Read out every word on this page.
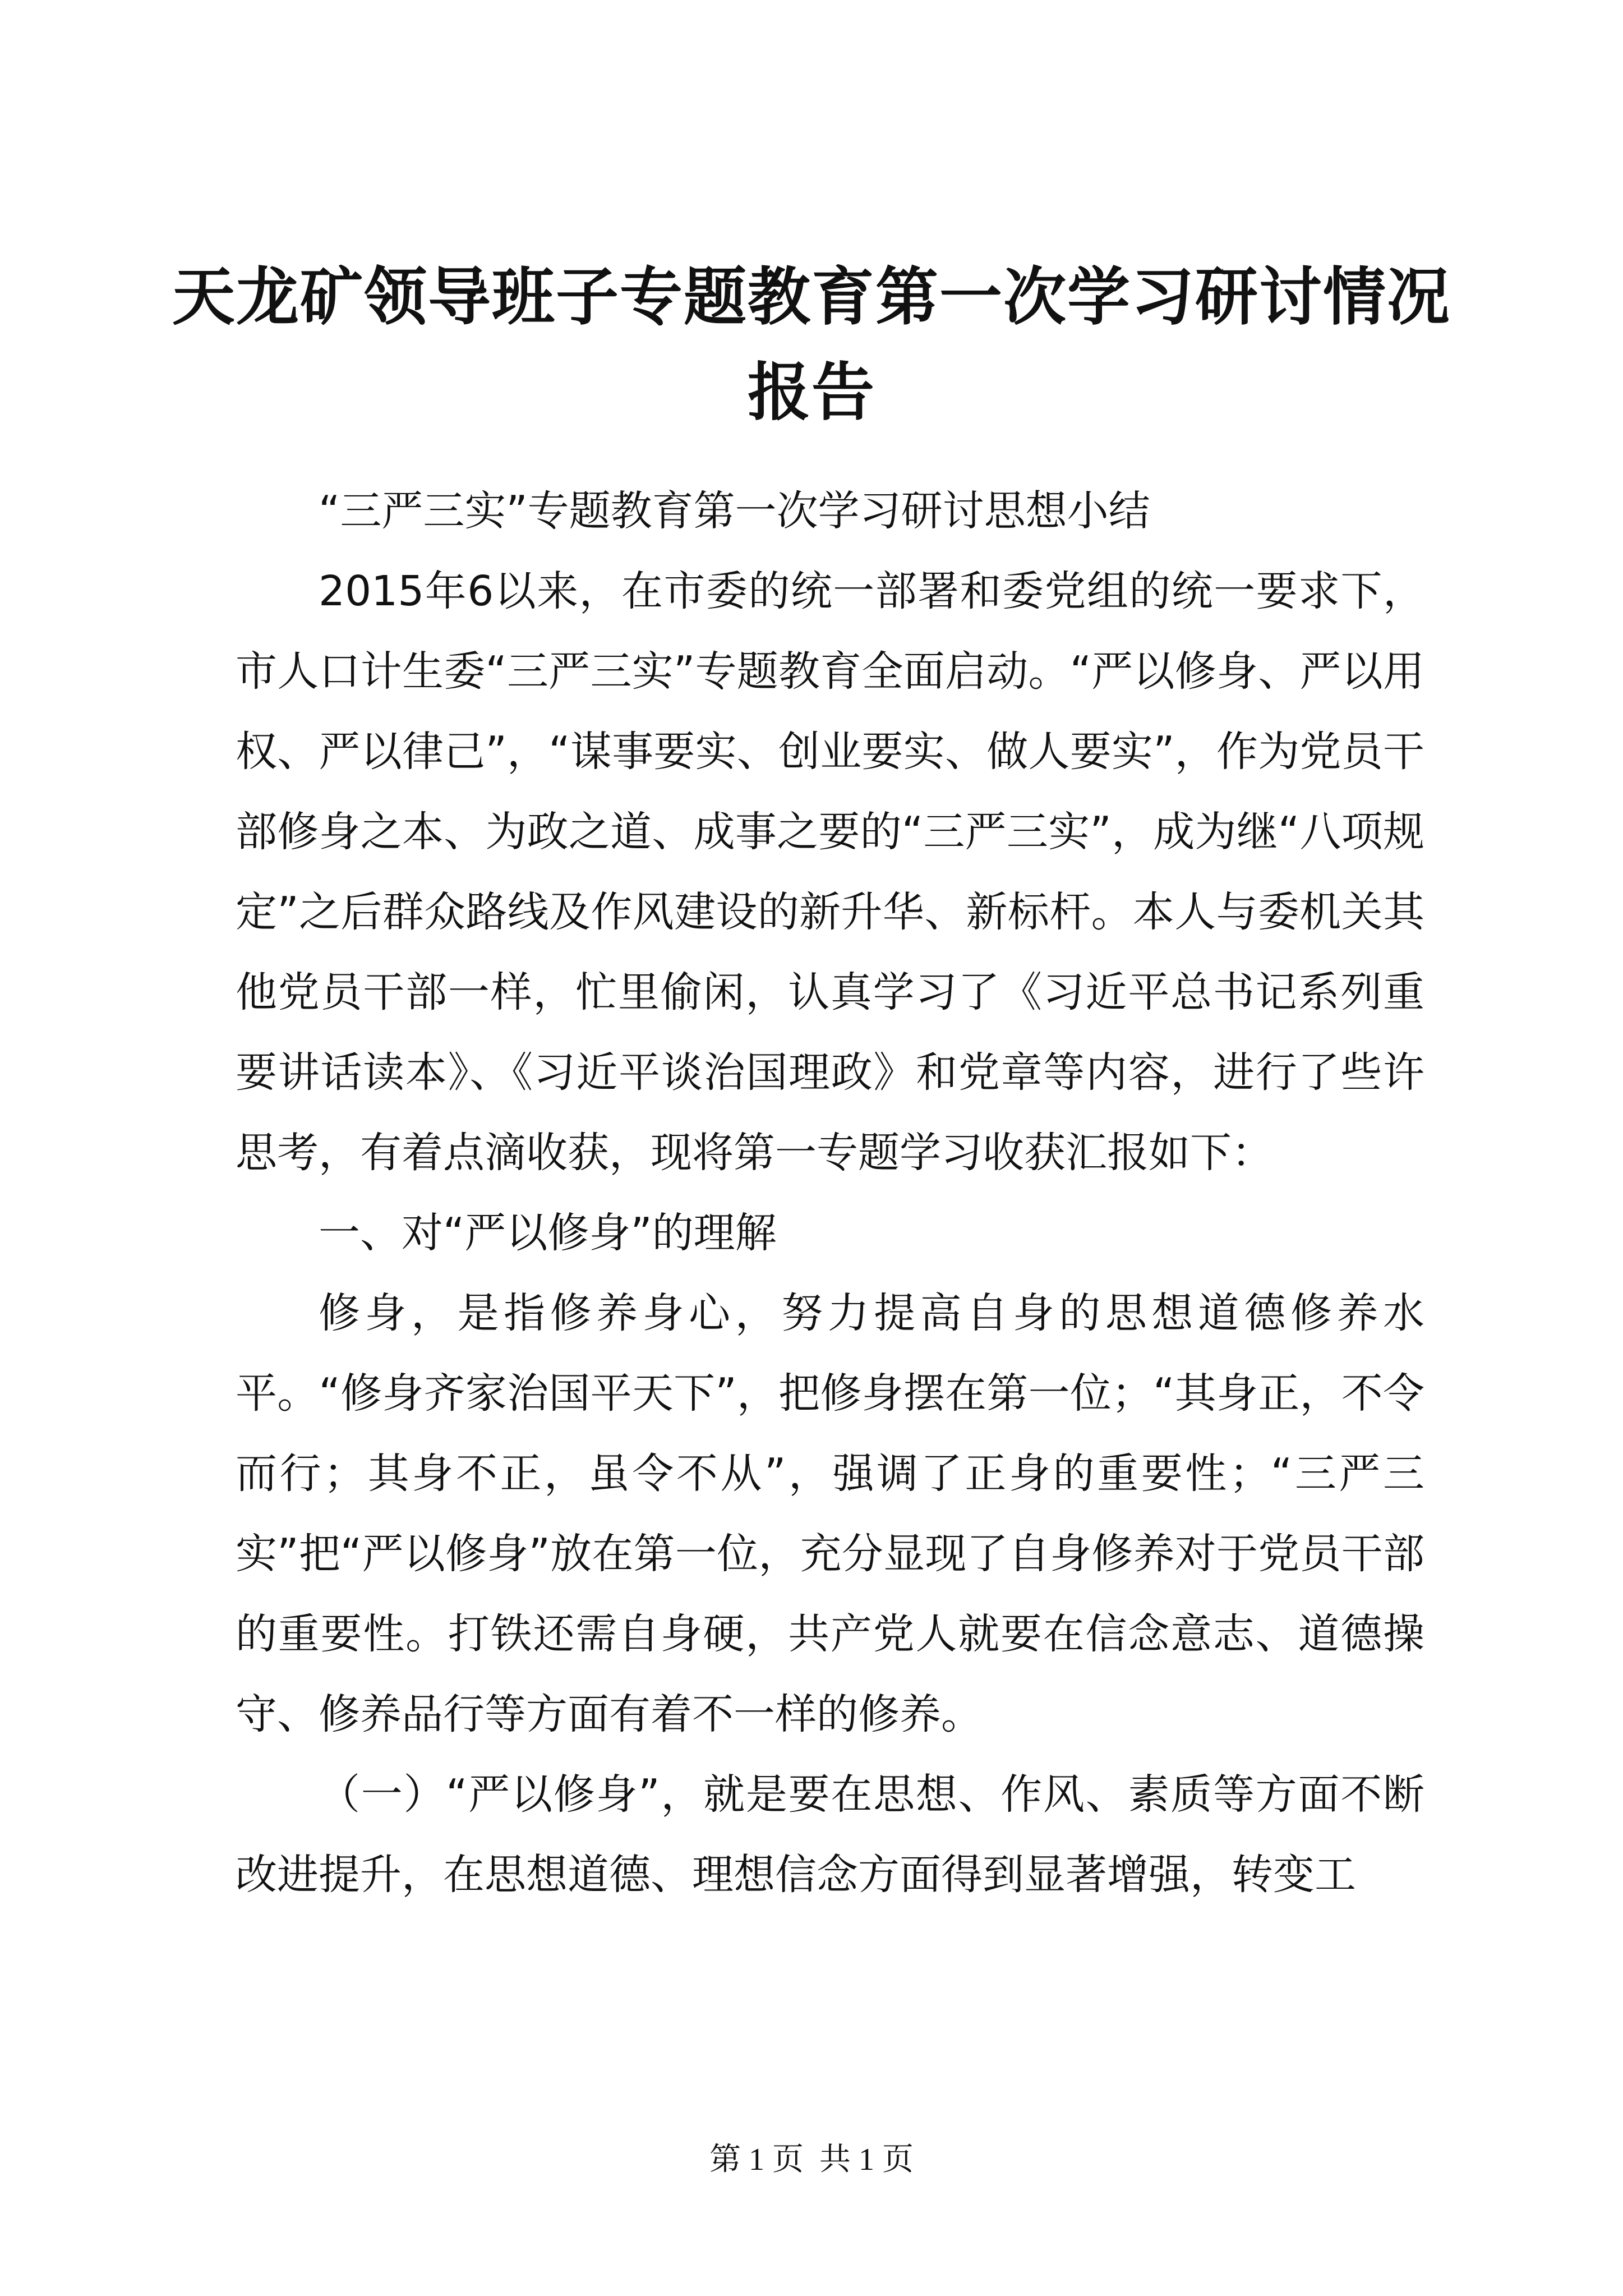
天龙矿领导班子专题教育第一次学习研讨情况报告

“三严三实”专题教育第一次学习研讨思想小结

2015年6以来，在市委的统一部署和委党组的统一要求下，市人口计生委“三严三实”专题教育全面启动。“严以修身、严以用权、严以律己”，“谋事要实、创业要实、做人要实”，作为党员干部修身之本、为政之道、成事之要的“三严三实”，成为继“八项规定”之后群众路线及作风建设的新升华、新标杆。本人与委机关其他党员干部一样，忙里偷闲，认真学习了《习近平总书记系列重要讲话读本》、《习近平谈治国理政》和党章等内容，进行了些许思考，有着点滴收获，现将第一专题学习收获汇报如下：

一、对“严以修身”的理解

修身，是指修养身心，努力提高自身的思想道德修养水平。“修身齐家治国平天下”，把修身摆在第一位；“其身正，不令而行；其身不正，虽令不从”，强调了正身的重要性；“三严三实”把“严以修身”放在第一位，充分显现了自身修养对于党员干部的重要性。打铁还需自身硬，共产党人就要在信念意志、道德操守、修养品行等方面有着不一样的修养。

（一）“严以修身”，就是要在思想、作风、素质等方面不断改进提升，在思想道德、理想信念方面得到显著增强，转变工

第 1 页  共 1 页
